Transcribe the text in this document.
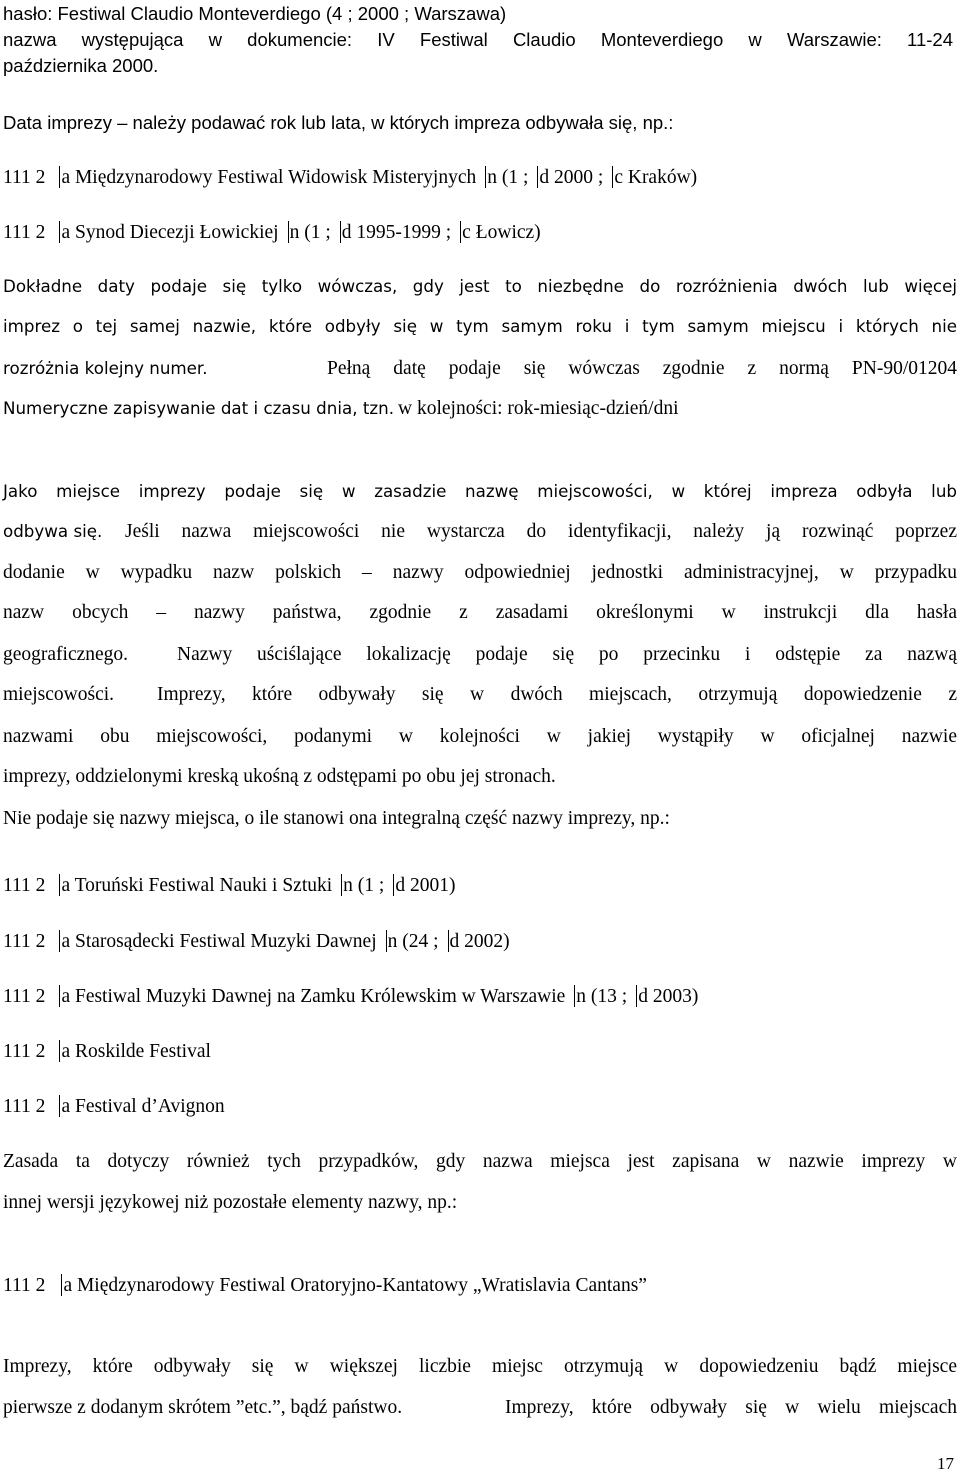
hasło: Festiwal Claudio Monteverdiego (4 ; 2000 ; Warszawa)
nazwa występująca w dokumencie: IV Festiwal Claudio Monteverdiego w Warszawie: 11-24
października 2000.
Data imprezy – należy podawać rok lub lata, w których impreza odbywała się, np.:
111 2 a Międzynarodowy Festiwal Widowisk Misteryjnych n (1 ; d 2000 ; c Kraków)
111 2 a Synod Diecezji Łowickiej n (1 ; d 1995-1999 ; c Łowicz)
Dokładne daty podaje się tylko wówczas, gdy jest to niezbędne do rozróżnienia dwóch lub więcej
imprez o tej samej nazwie, które odbyły się w tym samym roku i tym samym miejscu i których nie
rozróżnia kolejny numer.	Pełną datę podaje się wówczas zgodnie z normą PN-90/01204
Numeryczne zapisywanie dat i czasu dnia, tzn. w kolejności: rok-miesiąc-dzień/dni
Jako miejsce imprezy podaje się w zasadzie nazwę miejscowości, w której impreza odbyła lub
odbywa się. Jeśli nazwa miejscowości nie wystarcza do identyfikacji, należy ją rozwinąć poprzez
dodanie w wypadku nazw polskich – nazwy odpowiedniej jednostki administracyjnej, w przypadku
nazw obcych – nazwy państwa, zgodnie z zasadami określonymi w instrukcji dla hasła
geograficznego.	Nazwy uściślające lokalizację podaje się po przecinku i odstępie za nazwą
miejscowości. Imprezy, które odbywały się w dwóch miejscach, otrzymują dopowiedzenie z
nazwami obu miejscowości, podanymi w kolejności w jakiej wystąpiły w oficjalnej nazwie
imprezy, oddzielonymi kreską ukośną z odstępami po obu jej stronach.
Nie podaje się nazwy miejsca, o ile stanowi ona integralną część nazwy imprezy, np.:
111 2 a Toruński Festiwal Nauki i Sztuki n (1 ; d 2001)
111 2 a Starosądecki Festiwal Muzyki Dawnej n (24 ; d 2002)
111 2 a Festiwal Muzyki Dawnej na Zamku Królewskim w Warszawie n (13 ; d 2003)
111 2 a Roskilde Festival
111 2 a Festival d’Avignon
Zasada ta dotyczy również tych przypadków, gdy nazwa miejsca jest zapisana w nazwie imprezy w
innej wersji językowej niż pozostałe elementy nazwy, np.:
111 2 a Międzynarodowy Festiwal Oratoryjno-Kantatowy „Wratislavia Cantans”
Imprezy, które odbywały się w większej liczbie miejsc otrzymują w dopowiedzeniu bądź miejsce
pierwsze z dodanym skrótem ”etc.”, bądź państwo.	Imprezy, które odbywały się w wielu miejscach
17
